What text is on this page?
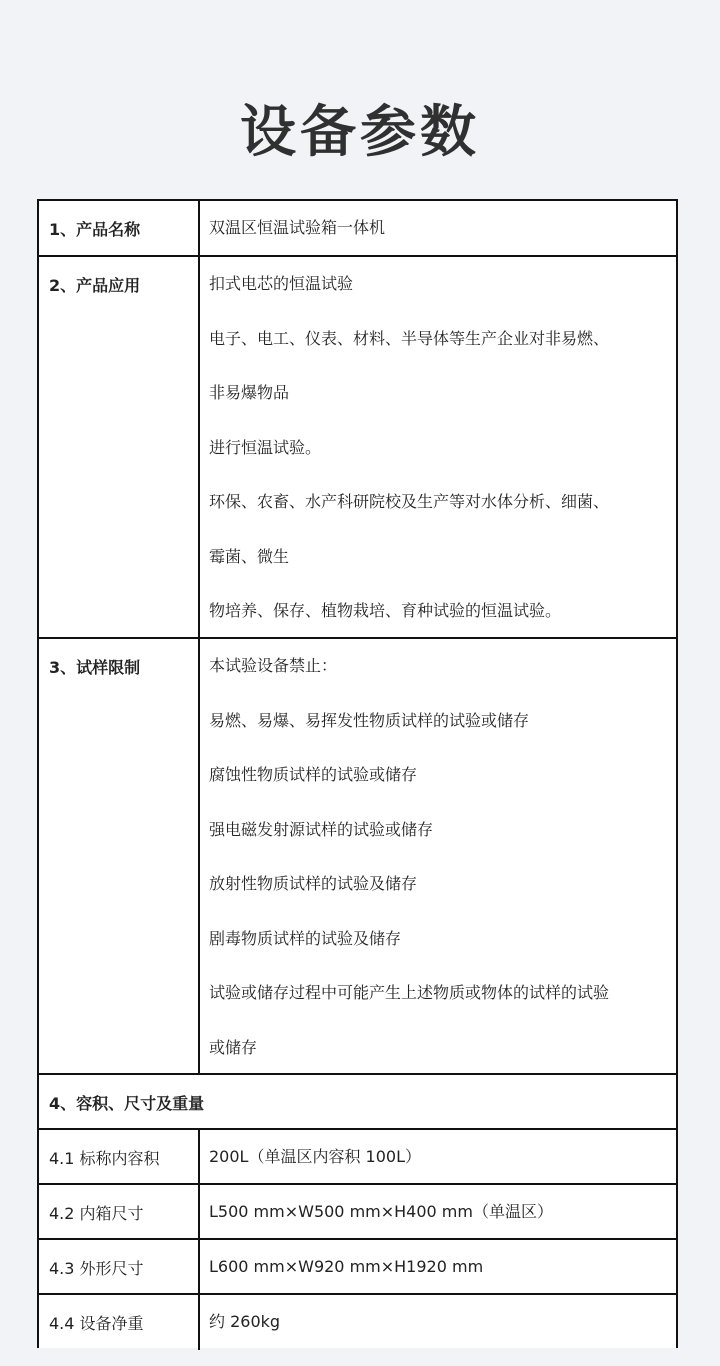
设备参数
1、产品名称	双温区恒温试验箱一体机
2、产品应用	扣式电芯的恒温试验
电子、电工、仪表、材料、半导体等生产企业对非易燃、
非易爆物品
进行恒温试验。
环保、农畜、水产科研院校及生产等对水体分析、细菌、
霉菌、微生
物培养、保存、植物栽培、育种试验的恒温试验。
3、试样限制	本试验设备禁止：
易燃、易爆、易挥发性物质试样的试验或储存
腐蚀性物质试样的试验或储存
强电磁发射源试样的试验或储存
放射性物质试样的试验及储存
剧毒物质试样的试验及储存
试验或储存过程中可能产生上述物质或物体的试样的试验
或储存
4、容积、尺寸及重量
4.1 标称内容积	200L（单温区内容积 100L）
4.2 内箱尺寸	L500 mm×W500 mm×H400 mm（单温区）
4.3 外形尺寸	L600 mm×W920 mm×H1920 mm
4.4 设备净重	约 260kg
